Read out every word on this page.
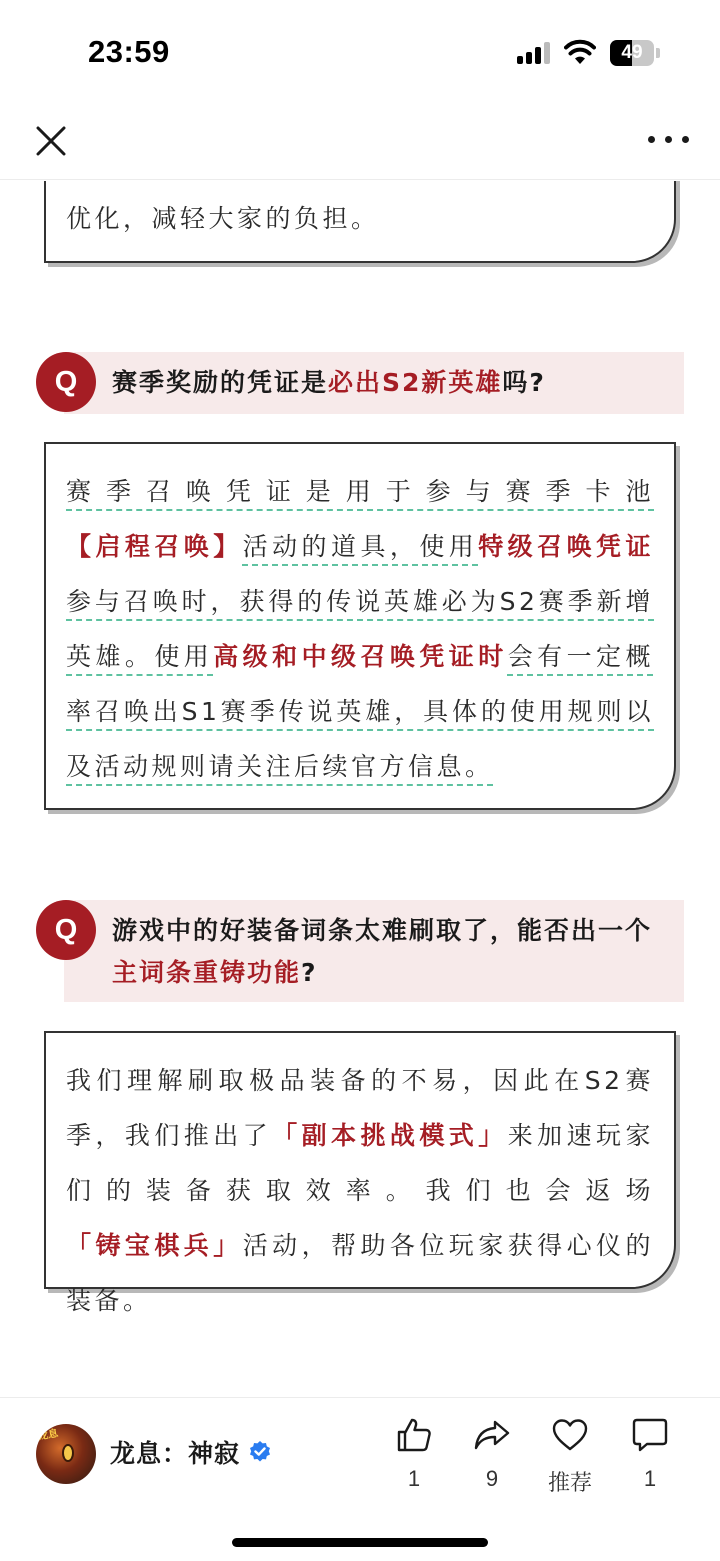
23:59	49
优化，减轻大家的负担。
Q	赛季奖励的凭证是必出S2新英雄吗?
赛季召唤凭证是用于参与赛季卡池【启程召唤】活动的道具，使用特级召唤凭证参与召唤时，获得的传说英雄必为S2赛季新增英雄。使用高级和中级召唤凭证时会有一定概率召唤出S1赛季传说英雄，具体的使用规则以及活动规则请关注后续官方信息。
Q	游戏中的好装备词条太难刷取了，能否出一个主词条重铸功能?
我们理解刷取极品装备的不易，因此在S2赛季，我们推出了「副本挑战模式」来加速玩家们的装备获取效率。我们也会返场「铸宝棋兵」活动，帮助各位玩家获得心仪的装备。
龙息
龙息：神寂
1	9	推荐	1
